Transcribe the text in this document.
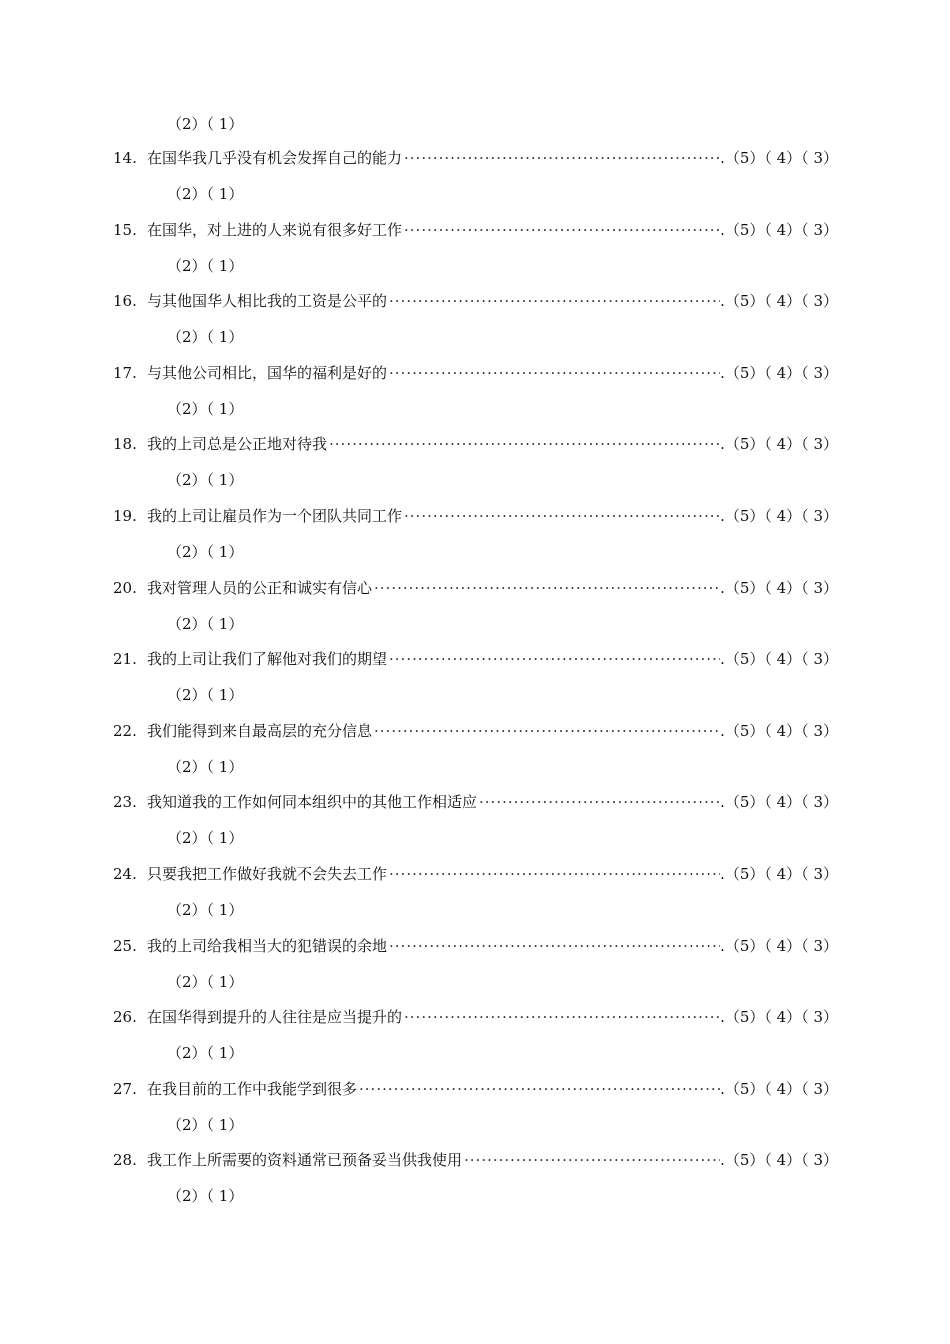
（2）（ 1）
14. 在国华我几乎没有机会发挥自己的能力 ·····	.（5）（ 4）（ 3）
（2）（ 1）
15. 在国华，对上进的人来说有很多好工作 ·····	.（5）（ 4）（ 3）
（2）（ 1）
16. 与其他国华人相比我的工资是公平的 ·····	.（5）（ 4）（ 3）
（2）（ 1）
17. 与其他公司相比，国华的福利是好的 ·····	.（5）（ 4）（ 3）
（2）（ 1）
18. 我的上司总是公正地对待我 ·····	.（5）（ 4）（ 3）
（2）（ 1）
19. 我的上司让雇员作为一个团队共同工作 ·····	.（5）（ 4）（ 3）
（2）（ 1）
20. 我对管理人员的公正和诚实有信心 ·····	.（5）（ 4）（ 3）
（2）（ 1）
21. 我的上司让我们了解他对我们的期望 ·····	.（5）（ 4）（ 3）
（2）（ 1）
22. 我们能得到来自最高层的充分信息 ·····	.（5）（ 4）（ 3）
（2）（ 1）
23. 我知道我的工作如何同本组织中的其他工作相适应 ·····	.（5）（ 4）（ 3）
（2）（ 1）
24. 只要我把工作做好我就不会失去工作 ·····	.（5）（ 4）（ 3）
（2）（ 1）
25. 我的上司给我相当大的犯错误的余地 ·····	.（5）（ 4）（ 3）
（2）（ 1）
26. 在国华得到提升的人往往是应当提升的 ·····	.（5）（ 4）（ 3）
（2）（ 1）
27. 在我目前的工作中我能学到很多 ·····	.（5）（ 4）（ 3）
（2）（ 1）
28. 我工作上所需要的资料通常已预备妥当供我使用 ·····	.（5）（ 4）（ 3）
（2）（ 1）
